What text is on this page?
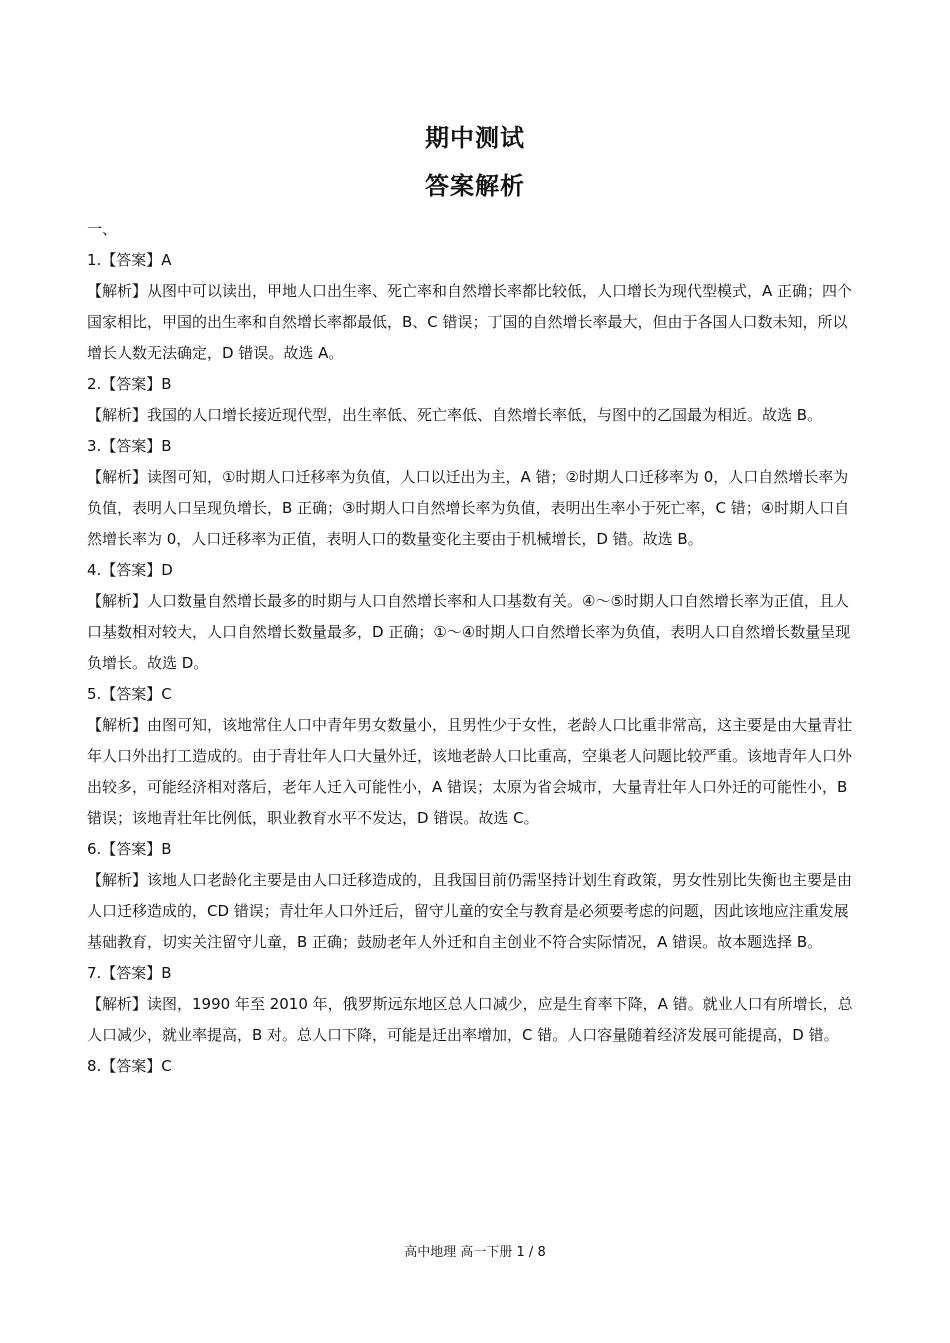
期中测试
答案解析
一、
1.【答案】A
【解析】从图中可以读出，甲地人口出生率、死亡率和自然增长率都比较低，人口增长为现代型模式，A 正确；四个国家相比，甲国的出生率和自然增长率都最低，B、C 错误；丁国的自然增长率最大，但由于各国人口数未知，所以增长人数无法确定，D 错误。故选 A。
2.【答案】B
【解析】我国的人口增长接近现代型，出生率低、死亡率低、自然增长率低，与图中的乙国最为相近。故选 B。
3.【答案】B
【解析】读图可知，①时期人口迁移率为负值，人口以迁出为主，A 错；②时期人口迁移率为 0，人口自然增长率为负值，表明人口呈现负增长，B 正确；③时期人口自然增长率为负值，表明出生率小于死亡率，C 错；④时期人口自然增长率为 0，人口迁移率为正值，表明人口的数量变化主要由于机械增长，D 错。故选 B。
4.【答案】D
【解析】人口数量自然增长最多的时期与人口自然增长率和人口基数有关。④～⑤时期人口自然增长率为正值，且人口基数相对较大，人口自然增长数量最多，D 正确；①～④时期人口自然增长率为负值，表明人口自然增长数量呈现负增长。故选 D。
5.【答案】C
【解析】由图可知，该地常住人口中青年男女数量小，且男性少于女性，老龄人口比重非常高，这主要是由大量青壮年人口外出打工造成的。由于青壮年人口大量外迁，该地老龄人口比重高，空巢老人问题比较严重。该地青年人口外出较多，可能经济相对落后，老年人迁入可能性小，A 错误；太原为省会城市，大量青壮年人口外迁的可能性小，B 错误；该地青壮年比例低，职业教育水平不发达，D 错误。故选 C。
6.【答案】B
【解析】该地人口老龄化主要是由人口迁移造成的，且我国目前仍需坚持计划生育政策，男女性别比失衡也主要是由人口迁移造成的，CD 错误；青壮年人口外迁后，留守儿童的安全与教育是必须要考虑的问题，因此该地应注重发展基础教育，切实关注留守儿童，B 正确；鼓励老年人外迁和自主创业不符合实际情况，A 错误。故本题选择 B。
7.【答案】B
【解析】读图，1990 年至 2010 年，俄罗斯远东地区总人口减少，应是生育率下降，A 错。就业人口有所增长，总人口减少，就业率提高，B 对。总人口下降，可能是迁出率增加，C 错。人口容量随着经济发展可能提高，D 错。
8.【答案】C
高中地理 高一下册 1 / 8
